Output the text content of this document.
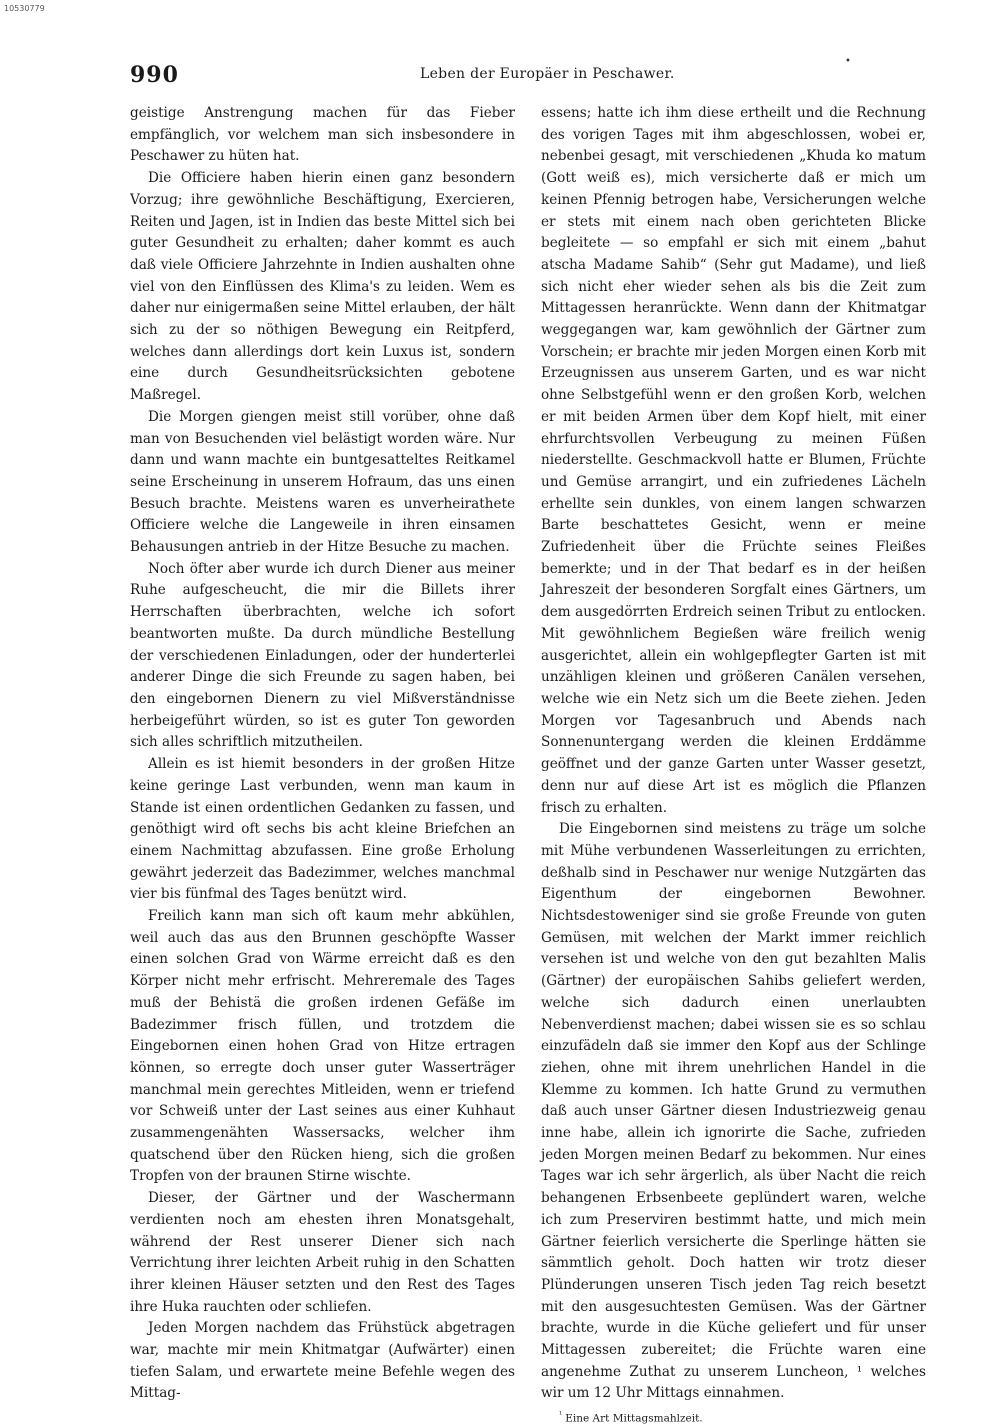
10530779
990	Leben der Europäer in Peschawer.
•

geistige Anstrengung machen für das Fieber empfänglich, vor welchem man sich insbesondere in Peschawer zu hüten hat.

Die Officiere haben hierin einen ganz besondern Vorzug; ihre gewöhnliche Beschäftigung, Exercieren, Reiten und Jagen, ist in Indien das beste Mittel sich bei guter Gesundheit zu erhalten; daher kommt es auch daß viele Officiere Jahrzehnte in Indien aushalten ohne viel von den Einflüssen des Klima's zu leiden. Wem es daher nur einigermaßen seine Mittel erlauben, der hält sich zu der so nöthigen Bewegung ein Reitpferd, welches dann allerdings dort kein Luxus ist, sondern eine durch Gesundheitsrücksichten gebotene Maßregel.

Die Morgen giengen meist still vorüber, ohne daß man von Besuchenden viel belästigt worden wäre. Nur dann und wann machte ein buntgesatteltes Reitkamel seine Erscheinung in unserem Hofraum, das uns einen Besuch brachte. Meistens waren es unverheirathete Officiere welche die Langeweile in ihren einsamen Behausungen antrieb in der Hitze Besuche zu machen.

Noch öfter aber wurde ich durch Diener aus meiner Ruhe aufgescheucht, die mir die Billets ihrer Herrschaften überbrachten, welche ich sofort beantworten mußte. Da durch mündliche Bestellung der verschiedenen Einladungen, oder der hunderterlei anderer Dinge die sich Freunde zu sagen haben, bei den eingebornen Dienern zu viel Mißverständnisse herbeigeführt würden, so ist es guter Ton geworden sich alles schriftlich mitzutheilen.

Allein es ist hiemit besonders in der großen Hitze keine geringe Last verbunden, wenn man kaum in Stande ist einen ordentlichen Gedanken zu fassen, und genöthigt wird oft sechs bis acht kleine Briefchen an einem Nachmittag abzufassen. Eine große Erholung gewährt jederzeit das Badezimmer, welches manchmal vier bis fünfmal des Tages benützt wird.

Freilich kann man sich oft kaum mehr abkühlen, weil auch das aus den Brunnen geschöpfte Wasser einen solchen Grad von Wärme erreicht daß es den Körper nicht mehr erfrischt. Mehreremale des Tages muß der Behistä die großen irdenen Gefäße im Badezimmer frisch füllen, und trotzdem die Eingebornen einen hohen Grad von Hitze ertragen können, so erregte doch unser guter Wasserträger manchmal mein gerechtes Mitleiden, wenn er triefend vor Schweiß unter der Last seines aus einer Kuhhaut zusammengenähten Wassersacks, welcher ihm quatschend über den Rücken hieng, sich die großen Tropfen von der braunen Stirne wischte.

Dieser, der Gärtner und der Waschermann verdienten noch am ehesten ihren Monatsgehalt, während der Rest unserer Diener sich nach Verrichtung ihrer leichten Arbeit ruhig in den Schatten ihrer kleinen Häuser setzten und den Rest des Tages ihre Huka rauchten oder schliefen.

Jeden Morgen nachdem das Frühstück abgetragen war, machte mir mein Khitmatgar (Aufwärter) einen tiefen Salam, und erwartete meine Befehle wegen des Mittag-

essens; hatte ich ihm diese ertheilt und die Rechnung des vorigen Tages mit ihm abgeschlossen, wobei er, nebenbei gesagt, mit verschiedenen „Khuda ko matum (Gott weiß es), mich versicherte daß er mich um keinen Pfennig betrogen habe, Versicherungen welche er stets mit einem nach oben gerichteten Blicke begleitete — so empfahl er sich mit einem „bahut atscha Madame Sahib“ (Sehr gut Madame), und ließ sich nicht eher wieder sehen als bis die Zeit zum Mittagessen heranrückte. Wenn dann der Khitmatgar weggegangen war, kam gewöhnlich der Gärtner zum Vorschein; er brachte mir jeden Morgen einen Korb mit Erzeugnissen aus unserem Garten, und es war nicht ohne Selbstgefühl wenn er den großen Korb, welchen er mit beiden Armen über dem Kopf hielt, mit einer ehrfurchtsvollen Verbeugung zu meinen Füßen niederstellte. Geschmackvoll hatte er Blumen, Früchte und Gemüse arrangirt, und ein zufriedenes Lächeln erhellte sein dunkles, von einem langen schwarzen Barte beschattetes Gesicht, wenn er meine Zufriedenheit über die Früchte seines Fleißes bemerkte; und in der That bedarf es in der heißen Jahreszeit der besonderen Sorgfalt eines Gärtners, um dem ausgedörrten Erdreich seinen Tribut zu entlocken. Mit gewöhnlichem Begießen wäre freilich wenig ausgerichtet, allein ein wohlgepflegter Garten ist mit unzähligen kleinen und größeren Canälen versehen, welche wie ein Netz sich um die Beete ziehen. Jeden Morgen vor Tagesanbruch und Abends nach Sonnenuntergang werden die kleinen Erddämme geöffnet und der ganze Garten unter Wasser gesetzt, denn nur auf diese Art ist es möglich die Pflanzen frisch zu erhalten.

Die Eingebornen sind meistens zu träge um solche mit Mühe verbundenen Wasserleitungen zu errichten, deßhalb sind in Peschawer nur wenige Nutzgärten das Eigenthum der eingebornen Bewohner. Nichtsdestoweniger sind sie große Freunde von guten Gemüsen, mit welchen der Markt immer reichlich versehen ist und welche von den gut bezahlten Malis (Gärtner) der europäischen Sahibs geliefert werden, welche sich dadurch einen unerlaubten Nebenverdienst machen; dabei wissen sie es so schlau einzufädeln daß sie immer den Kopf aus der Schlinge ziehen, ohne mit ihrem unehrlichen Handel in die Klemme zu kommen. Ich hatte Grund zu vermuthen daß auch unser Gärtner diesen Industriezweig genau inne habe, allein ich ignorirte die Sache, zufrieden jeden Morgen meinen Bedarf zu bekommen. Nur eines Tages war ich sehr ärgerlich, als über Nacht die reich behangenen Erbsenbeete geplündert waren, welche ich zum Preserviren bestimmt hatte, und mich mein Gärtner feierlich versicherte die Sperlinge hätten sie sämmtlich geholt. Doch hatten wir trotz dieser Plünderungen unseren Tisch jeden Tag reich besetzt mit den ausgesuchtesten Gemüsen. Was der Gärtner brachte, wurde in die Küche geliefert und für unser Mittagessen zubereitet; die Früchte waren eine angenehme Zuthat zu unserem Luncheon, ¹ welches wir um 12 Uhr Mittags einnahmen.

$^{^1}$ Eine Art Mittagsmahlzeit.
